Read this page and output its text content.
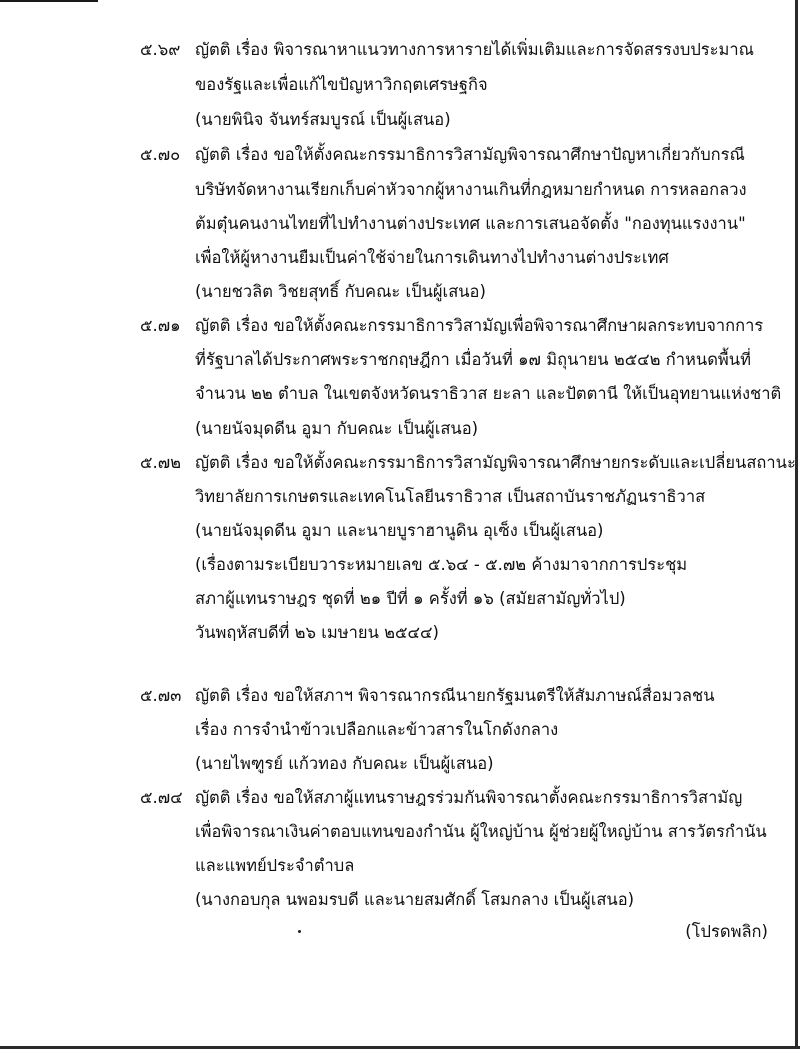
๕.๖๙ ญัตติ เรื่อง พิจารณาหาแนวทางการหารายได้เพิ่มเติมและการจัดสรรงบประมาณ
ของรัฐและเพื่อแก้ไขปัญหาวิกฤตเศรษฐกิจ
(นายพินิจ จันทร์สมบูรณ์ เป็นผู้เสนอ)
๕.๗๐ ญัตติ เรื่อง ขอให้ตั้งคณะกรรมาธิการวิสามัญพิจารณาศึกษาปัญหาเกี่ยวกับกรณี
บริษัทจัดหางานเรียกเก็บค่าหัวจากผู้หางานเกินที่กฎหมายกำหนด การหลอกลวง
ต้มตุ๋นคนงานไทยที่ไปทำงานต่างประเทศ และการเสนอจัดตั้ง "กองทุนแรงงาน"
เพื่อให้ผู้หางานยืมเป็นค่าใช้จ่ายในการเดินทางไปทำงานต่างประเทศ
(นายชวลิต วิชยสุทธิ์ กับคณะ เป็นผู้เสนอ)
๕.๗๑ ญัตติ เรื่อง ขอให้ตั้งคณะกรรมาธิการวิสามัญเพื่อพิจารณาศึกษาผลกระทบจากการ
ที่รัฐบาลได้ประกาศพระราชกฤษฎีกา เมื่อวันที่ ๑๗ มิถุนายน ๒๕๔๒ กำหนดพื้นที่
จำนวน ๒๒ ตำบล ในเขตจังหวัดนราธิวาส ยะลา และปัตตานี ให้เป็นอุทยานแห่งชาติ
(นายนัจมุดดีน อูมา กับคณะ เป็นผู้เสนอ)
๕.๗๒ ญัตติ เรื่อง ขอให้ตั้งคณะกรรมาธิการวิสามัญพิจารณาศึกษายกระดับและเปลี่ยนสถานะ
วิทยาลัยการเกษตรและเทคโนโลยีนราธิวาส เป็นสถาบันราชภัฏนราธิวาส
(นายนัจมุดดีน อูมา และนายบูราฮานูดิน อุเซ็ง เป็นผู้เสนอ)
(เรื่องตามระเบียบวาระหมายเลข ๕.๖๔ - ๕.๗๒ ค้างมาจากการประชุม
สภาผู้แทนราษฎร ชุดที่ ๒๑ ปีที่ ๑ ครั้งที่ ๑๖ (สมัยสามัญทั่วไป)
วันพฤหัสบดีที่ ๒๖ เมษายน ๒๕๔๔)
๕.๗๓ ญัตติ เรื่อง ขอให้สภาฯ พิจารณากรณีนายกรัฐมนตรีให้สัมภาษณ์สื่อมวลชน
เรื่อง การจำนำข้าวเปลือกและข้าวสารในโกดังกลาง
(นายไพฑูรย์ แก้วทอง กับคณะ เป็นผู้เสนอ)
๕.๗๔ ญัตติ เรื่อง ขอให้สภาผู้แทนราษฎรร่วมกันพิจารณาตั้งคณะกรรมาธิการวิสามัญ
เพื่อพิจารณาเงินค่าตอบแทนของกำนัน ผู้ใหญ่บ้าน ผู้ช่วยผู้ใหญ่บ้าน สารวัตรกำนัน
และแพทย์ประจำตำบล
(นางกอบกุล นพอมรบดี และนายสมศักดิ์ โสมกลาง เป็นผู้เสนอ)
(โปรดพลิก)
